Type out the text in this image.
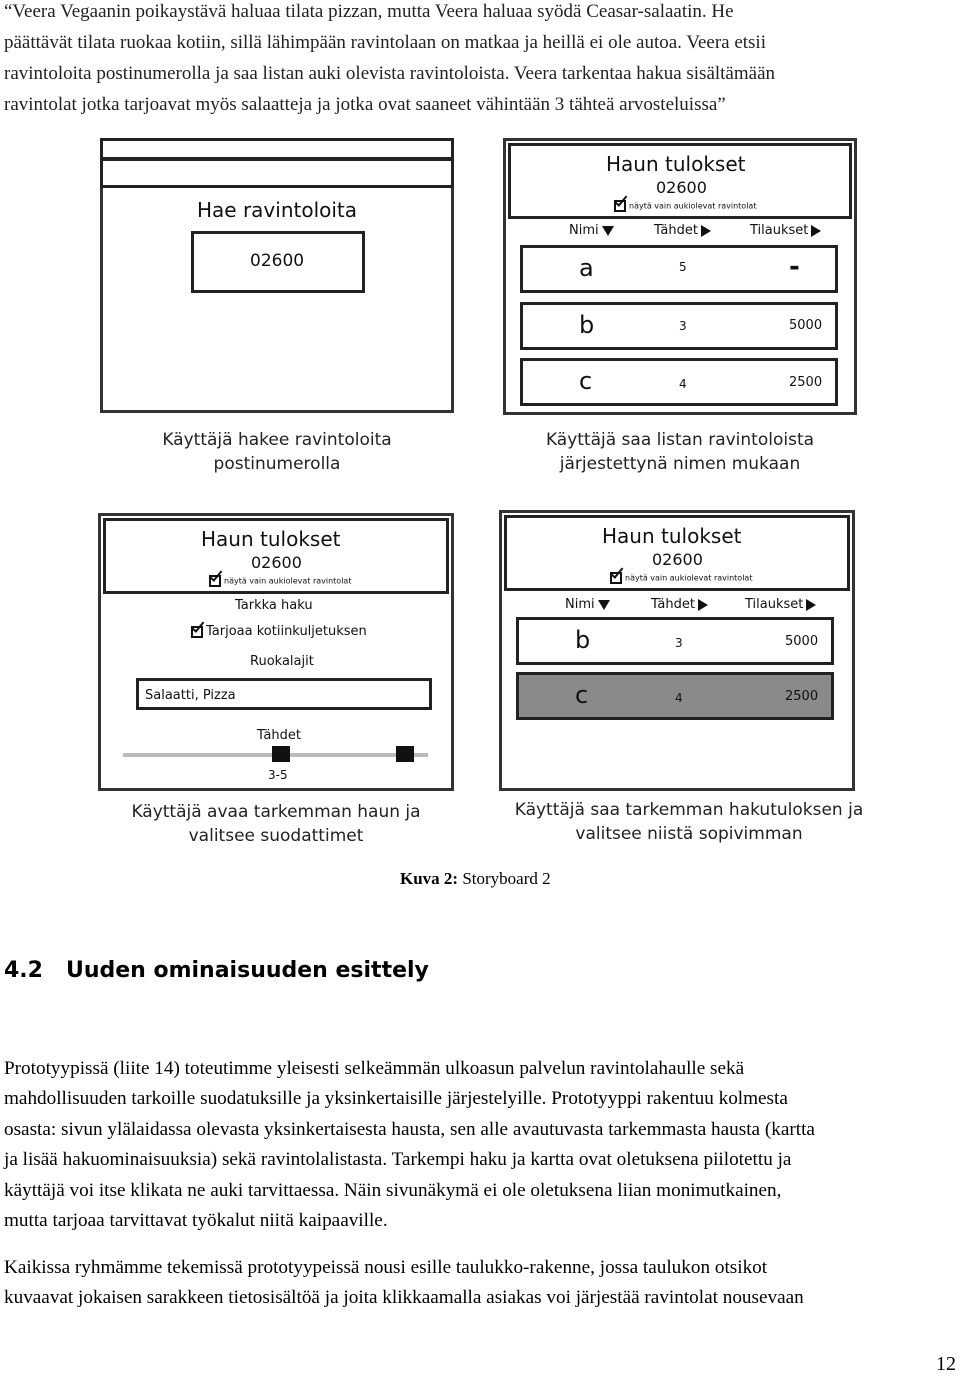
“Veera Vegaanin poikaystävä haluaa tilata pizzan, mutta Veera haluaa syödä Ceasar-salaatin. He

päättävät tilata ruokaa kotiin, sillä lähimpään ravintolaan on matkaa ja heillä ei ole autoa. Veera etsii

ravintoloita postinumerolla ja saa listan auki olevista ravintoloista. Veera tarkentaa hakua sisältämään

ravintolat jotka tarjoavat myös salaatteja ja jotka ovat saaneet vähintään 3 tähteä arvosteluissa”

Hae ravintoloita
02600
Käyttäjä hakee ravintoloita
postinumerolla
Haun tulokset
02600
näytä vain aukiolevat ravintolat
Nimi	Tähdet	Tilaukset
a	5	-
b	3	5000
c	4	2500
Käyttäjä saa listan ravintoloista
järjestettynä nimen mukaan
Haun tulokset
02600
näytä vain aukiolevat ravintolat
Tarkka haku
Tarjoaa kotiinkuljetuksen
Ruokalajit
Salaatti, Pizza
Tähdet
3-5
Käyttäjä avaa tarkemman haun ja
valitsee suodattimet
Haun tulokset
02600
näytä vain aukiolevat ravintolat
Nimi	Tähdet	Tilaukset
b	3	5000
c	4	2500
Käyttäjä saa tarkemman hakutuloksen ja
valitsee niistä sopivimman
Kuva 2: Storyboard 2
4.2   Uuden ominaisuuden esittely

Prototyypissä (liite 14) toteutimme yleisesti selkeämmän ulkoasun palvelun ravintolahaulle sekä

mahdollisuuden tarkoille suodatuksille ja yksinkertaisille järjestelyille. Prototyyppi rakentuu kolmesta

osasta: sivun ylälaidassa olevasta yksinkertaisesta hausta, sen alle avautuvasta tarkemmasta hausta (kartta

ja lisää hakuominaisuuksia) sekä ravintolalistasta. Tarkempi haku ja kartta ovat oletuksena piilotettu ja

käyttäjä voi itse klikata ne auki tarvittaessa. Näin sivunäkymä ei ole oletuksena liian monimutkainen,

mutta tarjoaa tarvittavat työkalut niitä kaipaaville.

Kaikissa ryhmämme tekemissä prototyypeissä nousi esille taulukko-rakenne, jossa taulukon otsikot

kuvaavat jokaisen sarakkeen tietosisältöä ja joita klikkaamalla asiakas voi järjestää ravintolat nousevaan

12
